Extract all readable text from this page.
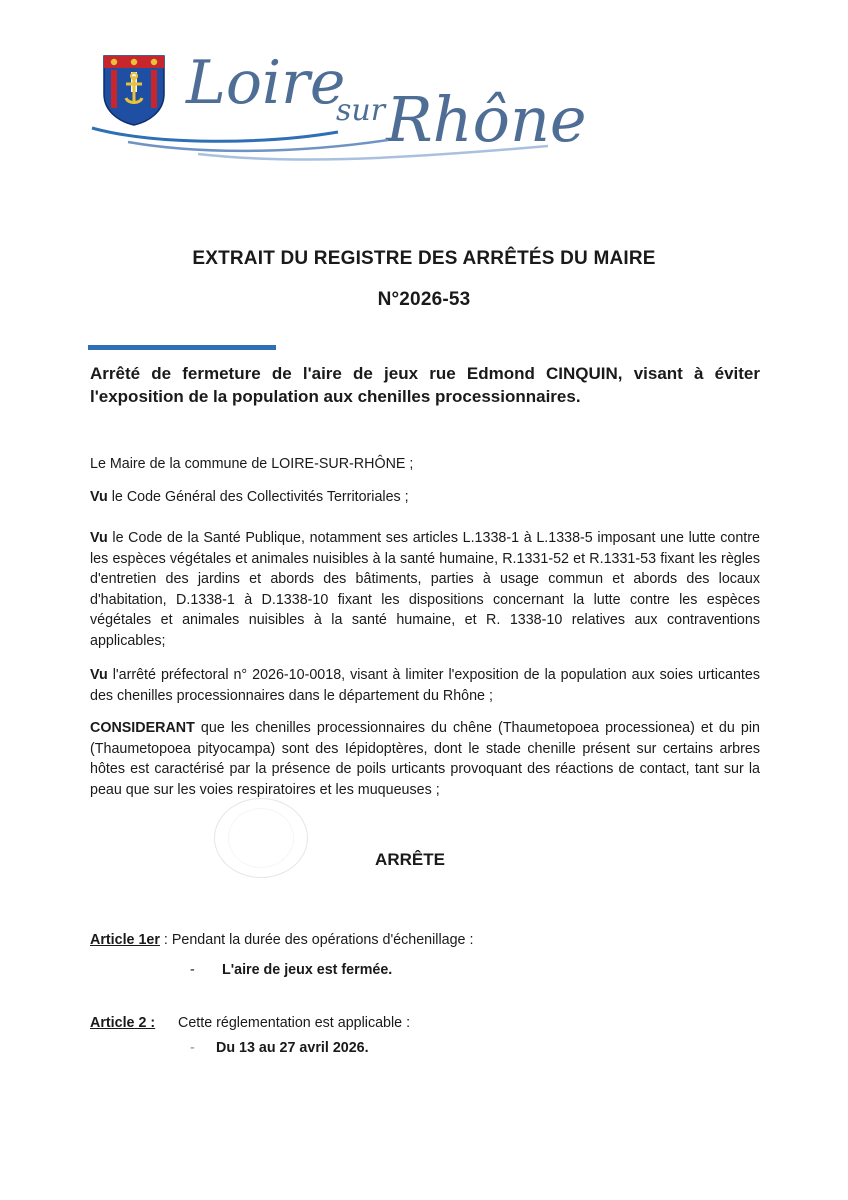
Loire
sur Rhône
EXTRAIT DU REGISTRE DES ARRÊTÉS DU MAIRE
N°2026-53
Arrêté de fermeture de l'aire de jeux rue Edmond CINQUIN, visant à éviter
l'exposition de la population aux chenilles processionnaires.
Le Maire de la commune de LOIRE-SUR-RHÔNE ;
Vu le Code Général des Collectivités Territoriales ;
Vu le Code de la Santé Publique, notamment ses articles L.1338-1 à L.1338-5 imposant une lutte contre les espèces végétales et animales nuisibles à la santé humaine, R.1331-52 et R.1331-53 fixant les règles d'entretien des jardins et abords des bâtiments, parties à usage commun et abords des locaux d'habitation, D.1338-1 à D.1338-10 fixant les dispositions concernant la lutte contre les espèces végétales et animales nuisibles à la santé humaine, et R. 1338-10 relatives aux contraventions applicables;
Vu l'arrêté préfectoral n° 2026-10-0018, visant à limiter l'exposition de la population aux soies urticantes des chenilles processionnaires dans le département du Rhône ;
CONSIDERANT que les chenilles processionnaires du chêne (Thaumetopoea processionea) et du pin (Thaumetopoea pityocampa) sont des Iépidoptères, dont le stade chenille présent sur certains arbres hôtes est caractérisé par la présence de poils urticants provoquant des réactions de contact, tant sur la peau que sur les voies respiratoires et les muqueuses ;
ARRÊTE
Article 1er : Pendant la durée des opérations d'échenillage :
- L'aire de jeux est fermée.
Article 2 : Cette réglementation est applicable :
- Du 13 au 27 avril 2026.
